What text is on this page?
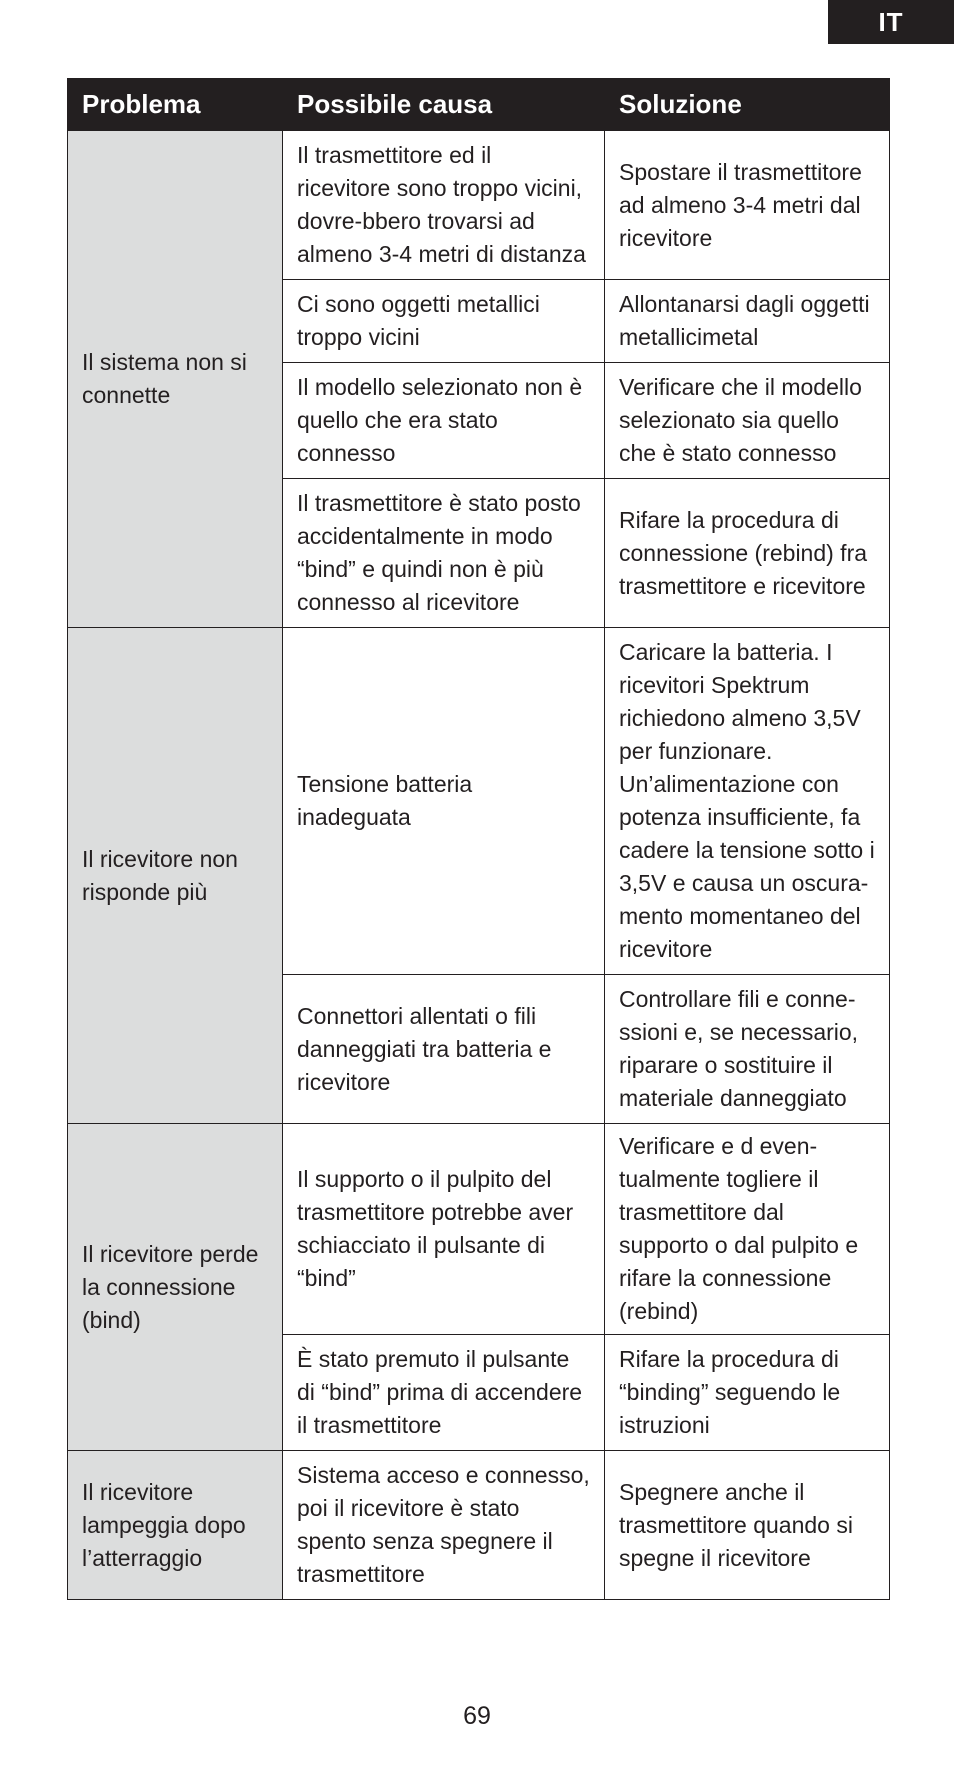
IT
Problema	Possibile causa	Soluzione
Il sistema non si connette	Il trasmettitore ed il ricevitore sono troppo vicini, dovre-bbero trovarsi ad almeno 3-4 metri di distanza	Spostare il trasmettitore ad almeno 3-4 metri dal ricevitore
	Ci sono oggetti metallici troppo vicini	Allontanarsi dagli oggetti metallicimetal
	Il modello selezionato non è quello che era stato connesso	Verificare che il modello selezionato sia quello che è stato connesso
	Il trasmettitore è stato posto accidentalmente in modo “bind” e quindi non è più connesso al ricevitore	Rifare la procedura di connessione (rebind) fra trasmettitore e ricevitore
Il ricevitore non risponde più	Tensione batteria inadeguata	Caricare la batteria. I ricevitori Spektrum richiedono almeno 3,5V per funzionare. Un’alimentazione con potenza insufficiente, fa cadere la tensione sotto i 3,5V e causa un oscura-mento momentaneo del ricevitore
	Connettori allentati o fili danneggiati tra batteria e ricevitore	Controllare fili e conne-ssioni e, se necessario, riparare o sostituire il materiale danneggiato
Il ricevitore perde la connessione (bind)	Il supporto o il pulpito del trasmettitore potrebbe aver schiacciato il pulsante di “bind”	Verificare e d even-tualmente togliere il trasmettitore dal supporto o dal pulpito e rifare la connessione (rebind)
	È stato premuto il pulsante di “bind” prima di accendere il trasmettitore	Rifare la procedura di “binding” seguendo le istruzioni
Il ricevitore lampeggia dopo l’atterraggio	Sistema acceso e connesso, poi il ricevitore è stato spento senza spegnere il trasmettitore	Spegnere anche il trasmettitore quando si spegne il ricevitore
69
